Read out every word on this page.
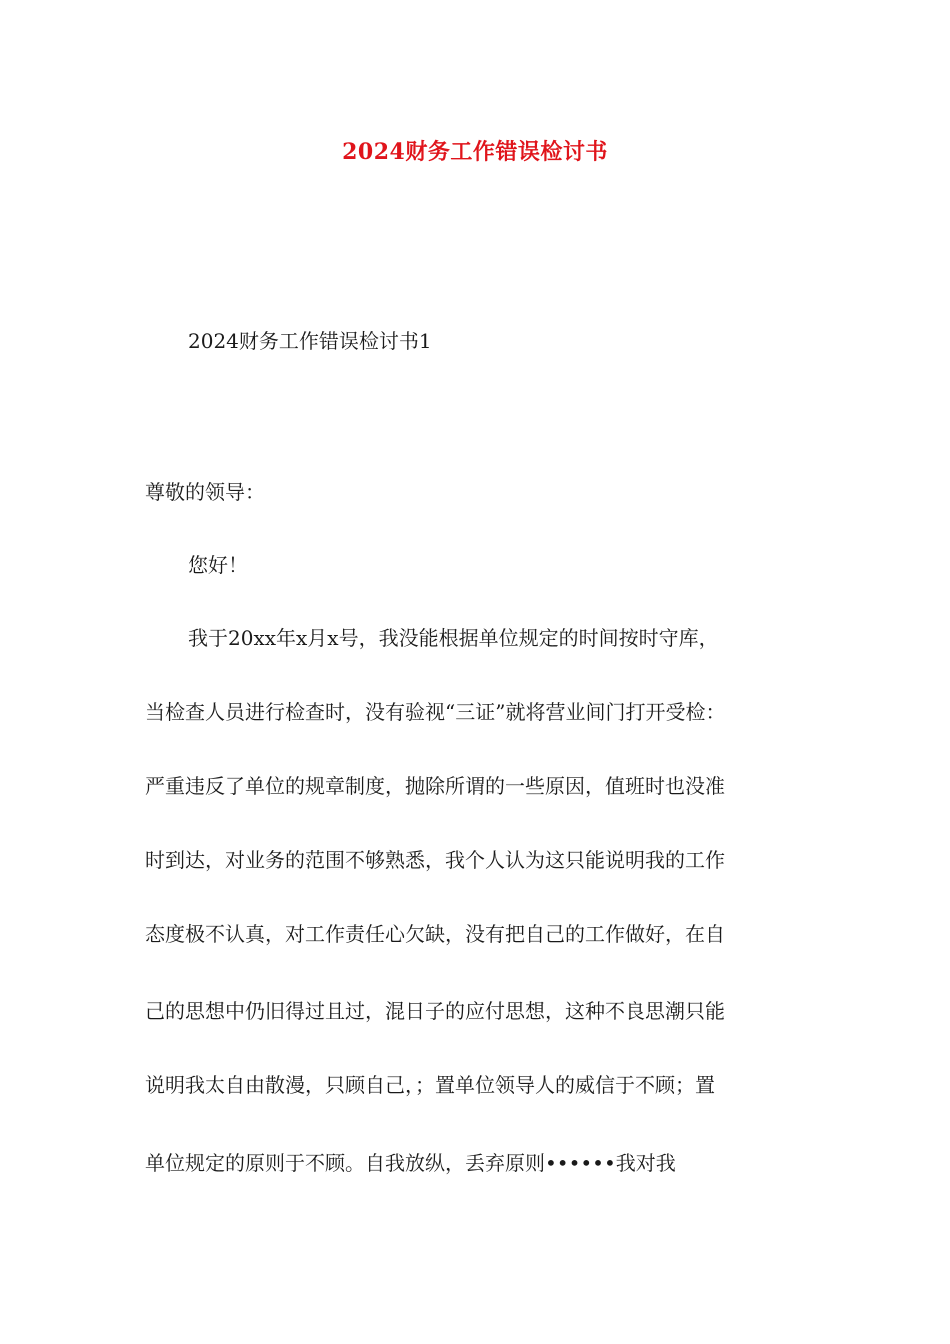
2024财务工作错误检讨书
2024财务工作错误检讨书1
尊敬的领导：
您好！
我于20xx年x月x号，我没能根据单位规定的时间按时守库，
当检查人员进行检查时，没有验视“三证”就将营业间门打开受检：
严重违反了单位的规章制度，抛除所谓的一些原因，值班时也没准
时到达，对业务的范围不够熟悉，我个人认为这只能说明我的工作
态度极不认真，对工作责任心欠缺，没有把自己的工作做好，在自
己的思想中仍旧得过且过，混日子的应付思想，这种不良思潮只能
说明我太自由散漫，只顾自己，；置单位领导人的威信于不顾；置
单位规定的原则于不顾。自我放纵，丢弃原则••••••我对我
